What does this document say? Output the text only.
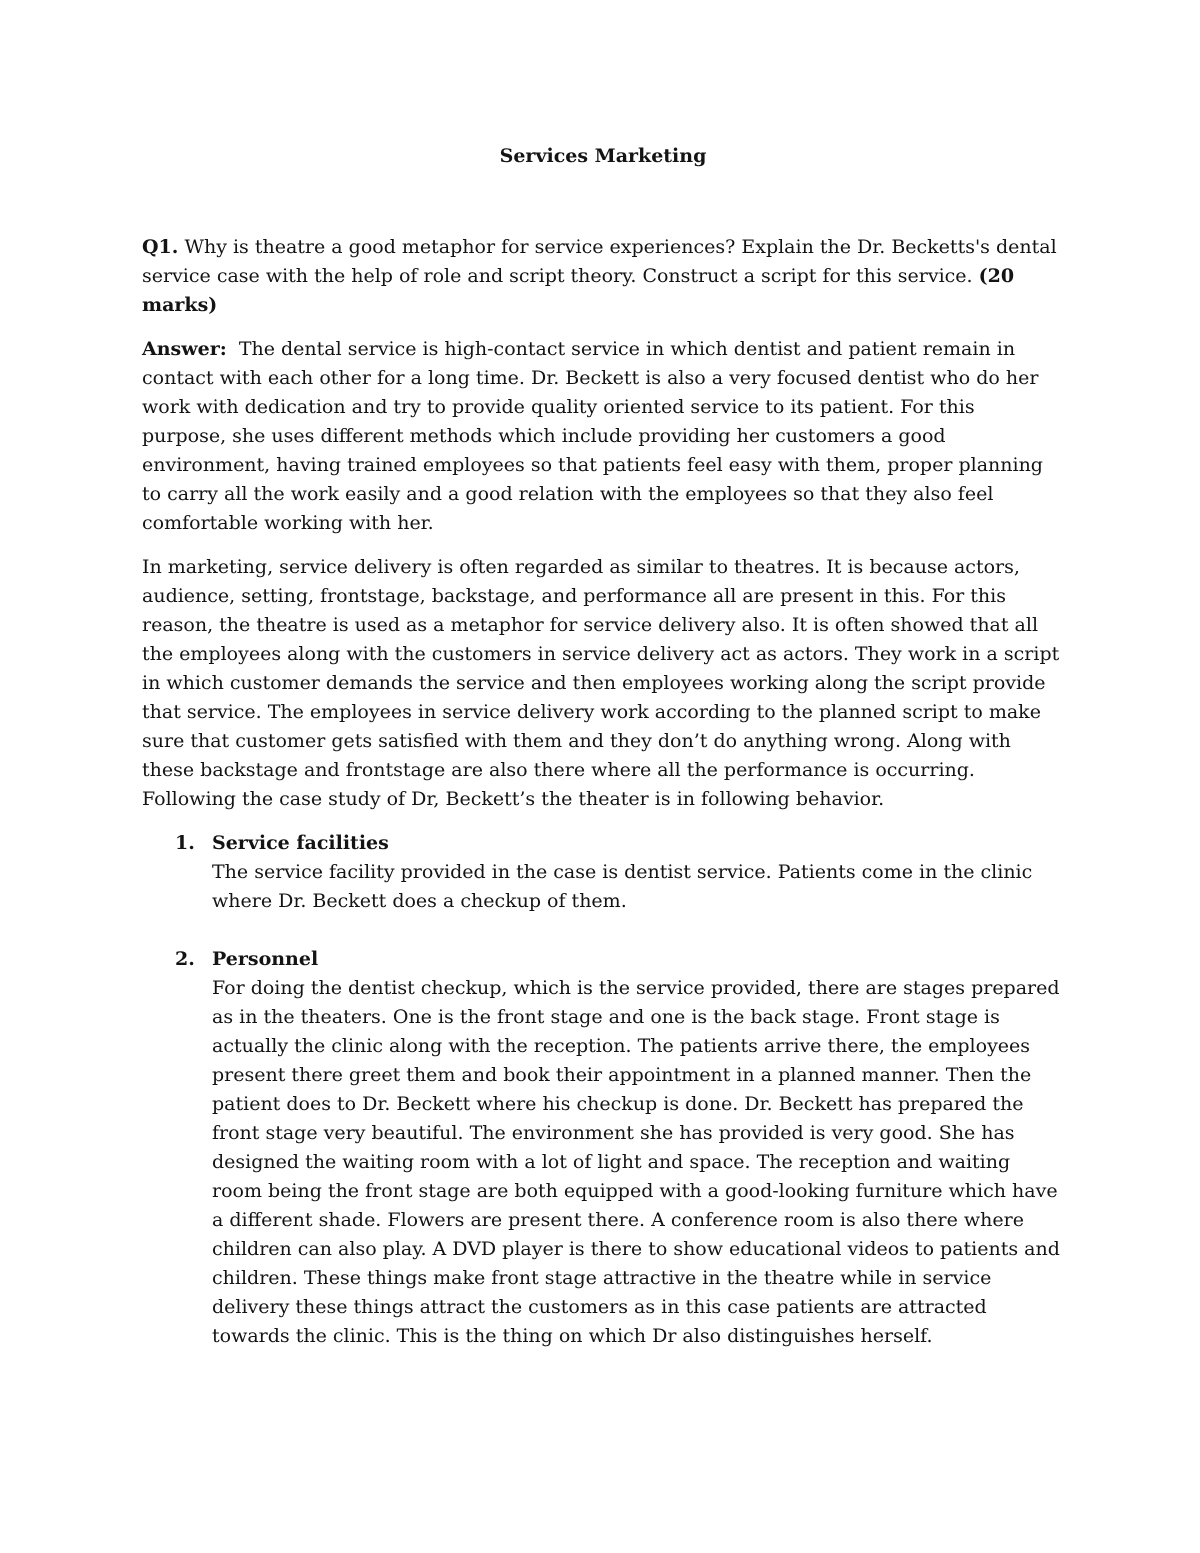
Services Marketing

Q1. Why is theatre a good metaphor for service experiences? Explain the Dr. Becketts's dental service case with the help of role and script theory. Construct a script for this service. (20 marks)

Answer: The dental service is high-contact service in which dentist and patient remain in contact with each other for a long time. Dr. Beckett is also a very focused dentist who do her work with dedication and try to provide quality oriented service to its patient. For this purpose, she uses different methods which include providing her customers a good environment, having trained employees so that patients feel easy with them, proper planning to carry all the work easily and a good relation with the employees so that they also feel comfortable working with her.

In marketing, service delivery is often regarded as similar to theatres. It is because actors, audience, setting, frontstage, backstage, and performance all are present in this. For this reason, the theatre is used as a metaphor for service delivery also. It is often showed that all the employees along with the customers in service delivery act as actors. They work in a script in which customer demands the service and then employees working along the script provide that service. The employees in service delivery work according to the planned script to make sure that customer gets satisfied with them and they don’t do anything wrong. Along with these backstage and frontstage are also there where all the performance is occurring. Following the case study of Dr, Beckett’s the theater is in following behavior.

1. Service facilities
The service facility provided in the case is dentist service. Patients come in the clinic where Dr. Beckett does a checkup of them.
2. Personnel
For doing the dentist checkup, which is the service provided, there are stages prepared as in the theaters. One is the front stage and one is the back stage. Front stage is actually the clinic along with the reception. The patients arrive there, the employees present there greet them and book their appointment in a planned manner. Then the patient does to Dr. Beckett where his checkup is done. Dr. Beckett has prepared the front stage very beautiful. The environment she has provided is very good. She has designed the waiting room with a lot of light and space. The reception and waiting room being the front stage are both equipped with a good-looking furniture which have a different shade. Flowers are present there. A conference room is also there where children can also play. A DVD player is there to show educational videos to patients and children. These things make front stage attractive in the theatre while in service delivery these things attract the customers as in this case patients are attracted towards the clinic. This is the thing on which Dr also distinguishes herself.
